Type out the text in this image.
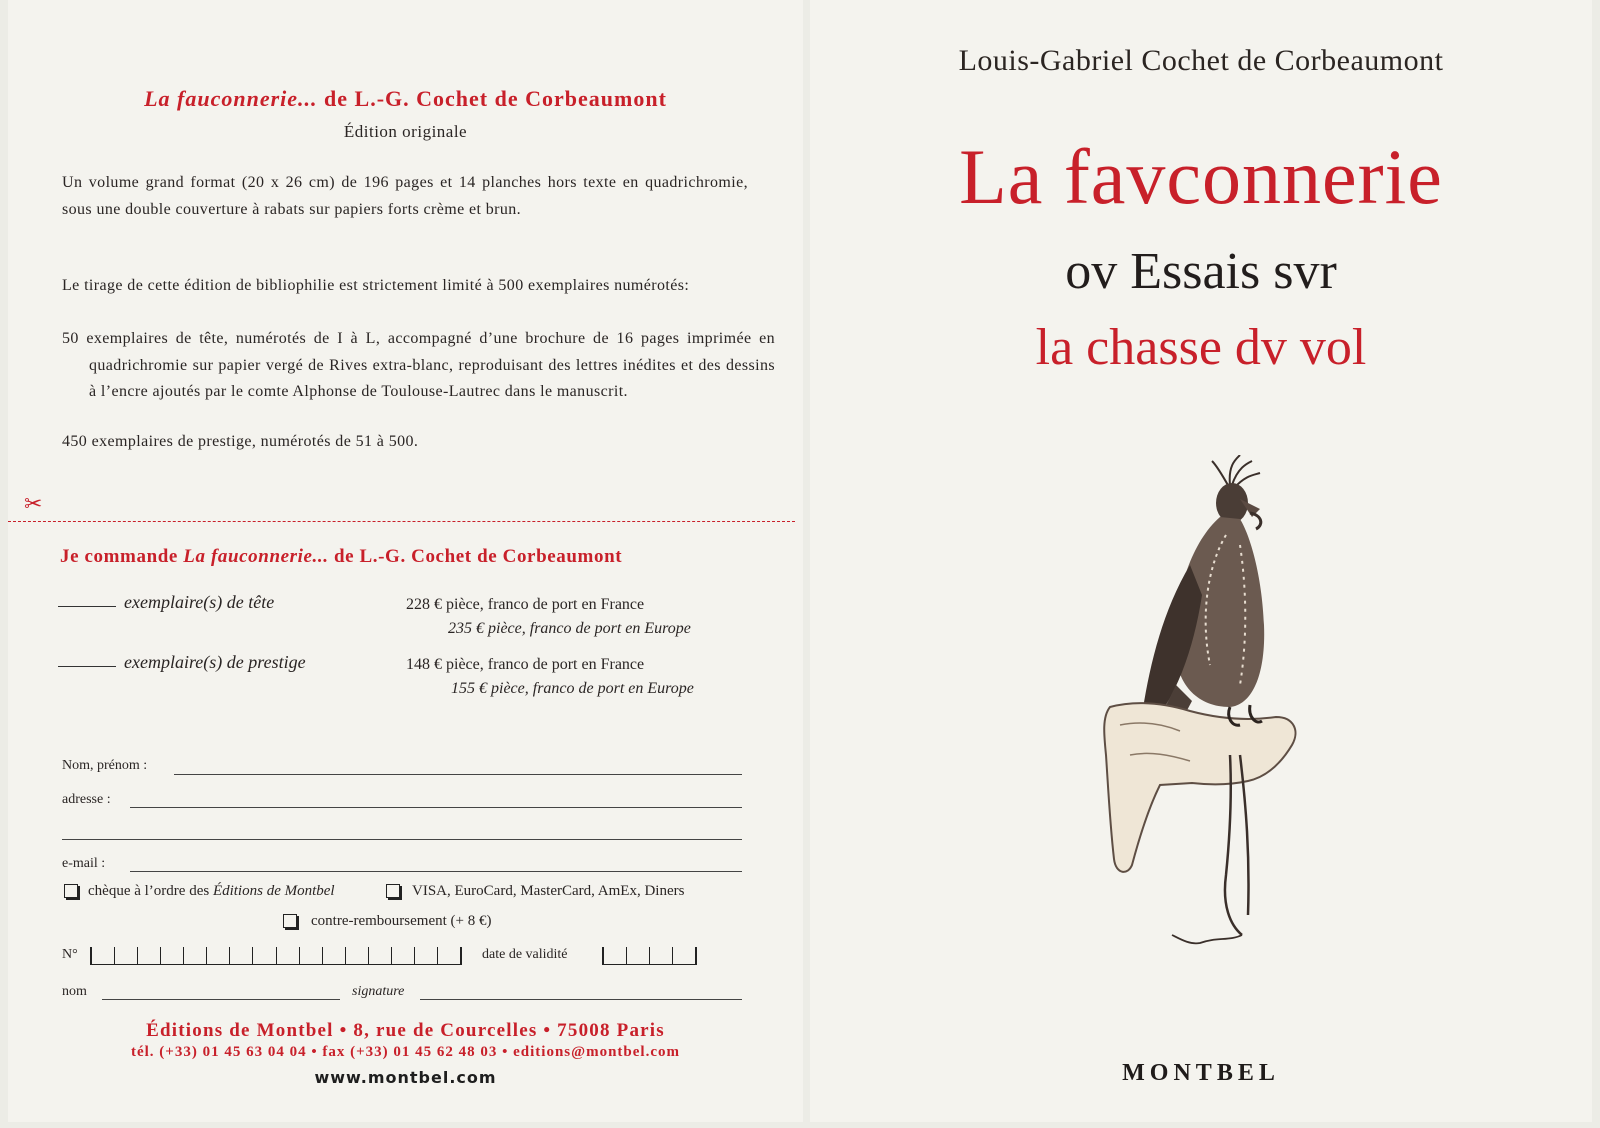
La fauconnerie... de L.-G. Cochet de Corbeaumont
Édition originale
Un volume grand format (20 x 26 cm) de 196 pages et 14 planches hors texte en quadrichromie, sous une double couverture à rabats sur papiers forts crème et brun.
Le tirage de cette édition de bibliophilie est strictement limité à 500 exemplaires numérotés:
50 exemplaires de tête, numérotés de I à L, accompagné d’une brochure de 16 pages imprimée en quadrichromie sur papier vergé de Rives extra-blanc, reproduisant des lettres inédites et des dessins à l’encre ajoutés par le comte Alphonse de Toulouse-Lautrec dans le manuscrit.
450 exemplaires de prestige, numérotés de 51 à 500.
✂
Je commande La fauconnerie... de L.-G. Cochet de Corbeaumont
exemplaire(s) de tête	228 € pièce, franco de port en France
235 € pièce, franco de port en Europe
exemplaire(s) de prestige	148 € pièce, franco de port en France
155 € pièce, franco de port en Europe
Nom, prénom :
adresse :
e-mail :
chèque à l’ordre des Éditions de Montbel	VISA, EuroCard, MasterCard, AmEx, Diners
contre-remboursement (+ 8 €)
N°	date de validité
nom	signature
Éditions de Montbel • 8, rue de Courcelles • 75008 Paris
tél. (+33) 01 45 63 04 04 • fax (+33) 01 45 62 48 03 • editions@montbel.com
www.montbel.com
Louis-Gabriel Cochet de Corbeaumont
La favconnerie
ov Essais svr
la chasse dv vol
MONTBEL
